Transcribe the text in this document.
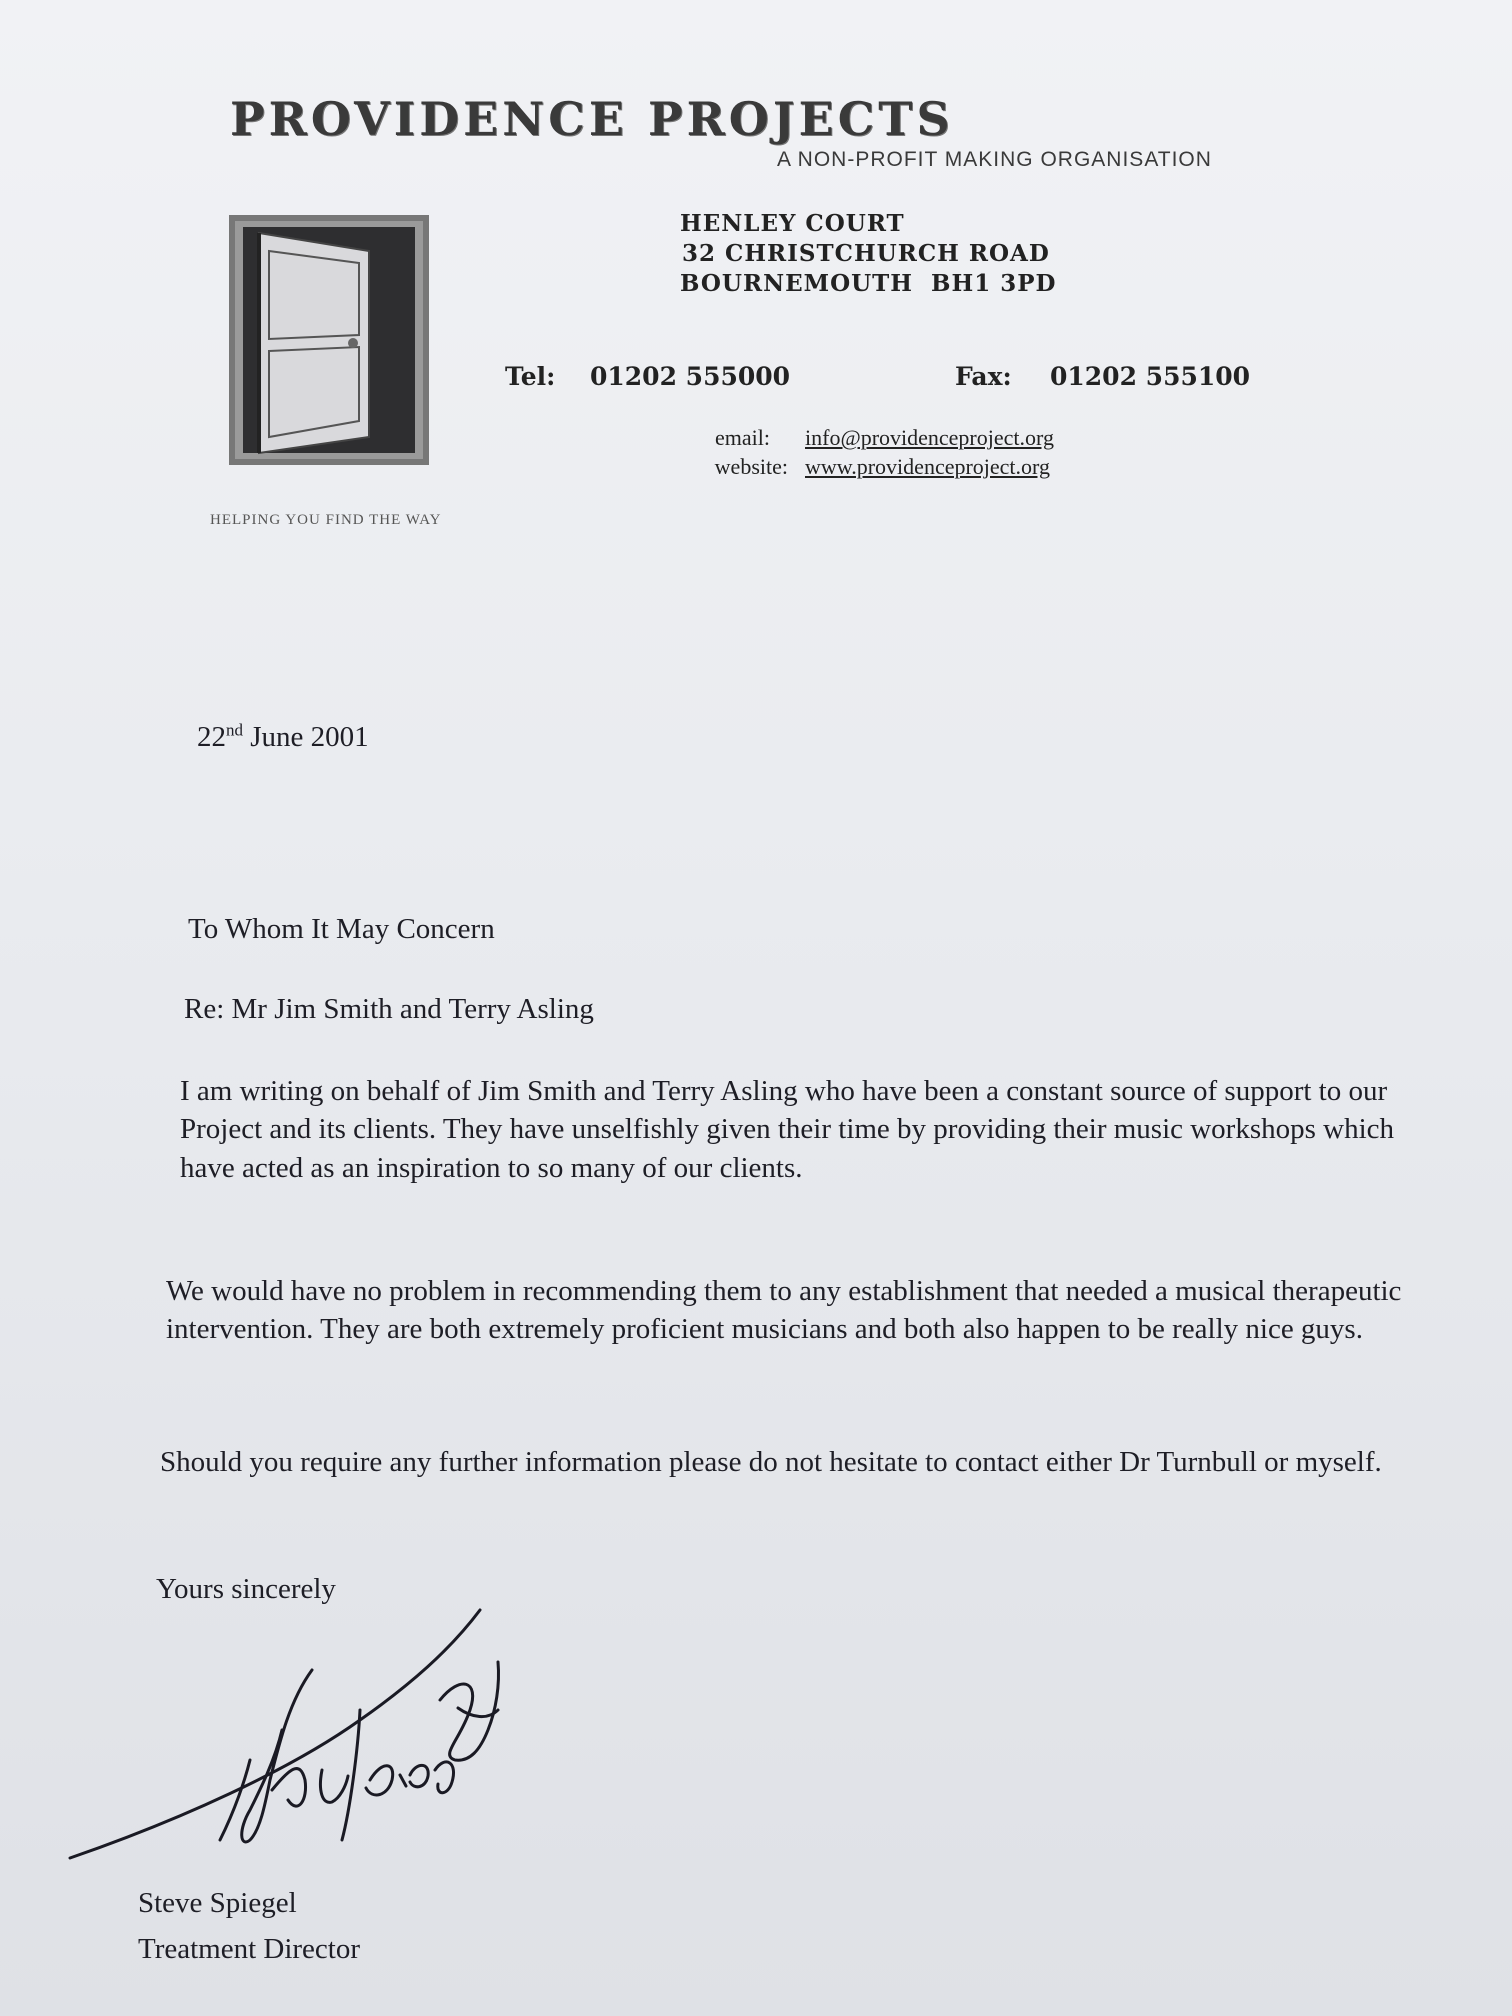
PROVIDENCE PROJECTS
A NON-PROFIT MAKING ORGANISATION
HENLEY COURT
32 CHRISTCHURCH ROAD
BOURNEMOUTH  BH1 3PD
Tel: 01202 555000	Fax: 01202 555100
email: info@providenceproject.org
website: www.providenceproject.org
HELPING YOU FIND THE WAY
22nd June 2001
To Whom It May Concern
Re: Mr Jim Smith and Terry Asling
I am writing on behalf of Jim Smith and Terry Asling who have been a constant source of support to our Project and its clients. They have unselfishly given their time by providing their music workshops which have acted as an inspiration to so many of our clients.
We would have no problem in recommending them to any establishment that needed a musical therapeutic intervention. They are both extremely proficient musicians and both also happen to be really nice guys.
Should you require any further information please do not hesitate to contact either Dr Turnbull or myself.
Yours sincerely
Steve Spiegel
Treatment Director
